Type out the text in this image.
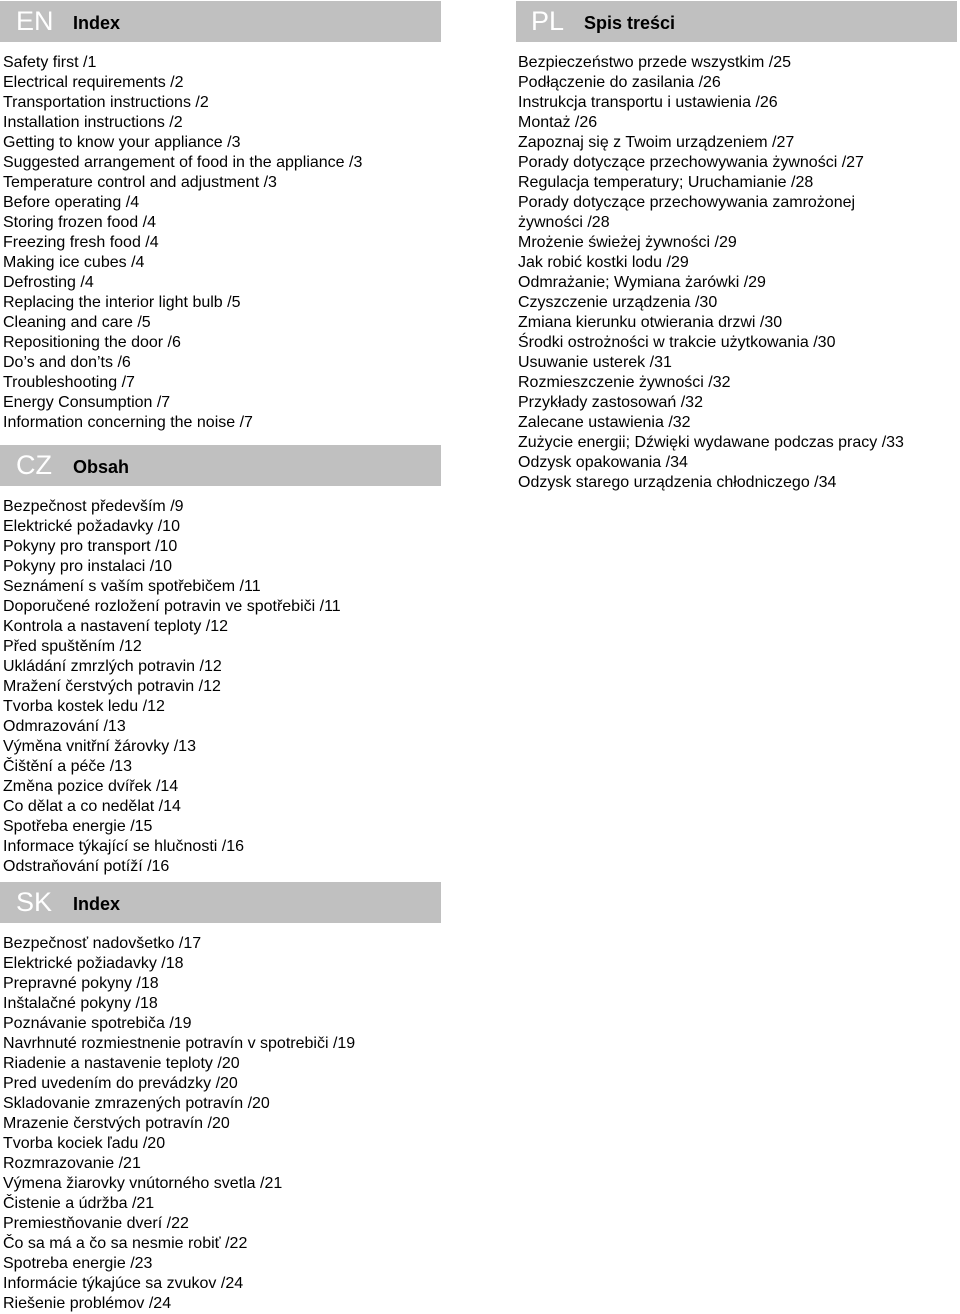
EN	Index
Safety first /1
Electrical requirements /2
Transportation instructions /2
Installation instructions /2
Getting to know your appliance /3
Suggested arrangement of food in the appliance /3
Temperature control and adjustment /3
Before operating /4
Storing frozen food /4
Freezing fresh food /4
Making ice cubes /4
Defrosting /4
Replacing the interior light bulb /5
Cleaning and care /5
Repositioning the door /6
Do’s and don’ts /6
Troubleshooting /7
Energy Consumption /7
Information concerning the noise /7
CZ	Obsah
Bezpečnost především /9
Elektrické požadavky /10
Pokyny pro transport /10
Pokyny pro instalaci /10
Seznámení s vaším spotřebičem /11
Doporučené rozložení potravin ve spotřebiči /11
Kontrola a nastavení teploty /12
Před spuštěním /12
Ukládání zmrzlých potravin /12
Mražení čerstvých potravin /12
Tvorba kostek ledu /12
Odmrazování /13
Výměna vnitřní žárovky /13
Čištění a péče /13
Změna pozice dvířek /14
Co dělat a co nedělat /14
Spotřeba energie /15
Informace týkající se hlučnosti /16
Odstraňování potíží /16
SK	Index
Bezpečnosť nadovšetko /17
Elektrické požiadavky /18
Prepravné pokyny /18
Inštalačné pokyny /18
Poznávanie spotrebiča /19
Navrhnuté rozmiestnenie potravín v spotrebiči /19
Riadenie a nastavenie teploty /20
Pred uvedením do prevádzky /20
Skladovanie zmrazených potravín /20
Mrazenie čerstvých potravín /20
Tvorba kociek ľadu /20
Rozmrazovanie /21
Výmena žiarovky vnútorného svetla /21
Čistenie a údržba /21
Premiestňovanie dverí /22
Čo sa má a čo sa nesmie robiť /22
Spotreba energie /23
Informácie týkajúce sa zvukov /24
Riešenie problémov /24
PL	Spis treści
Bezpieczeństwo przede wszystkim /25
Podłączenie do zasilania /26
Instrukcja transportu i ustawienia /26
Montaż /26
Zapoznaj się z Twoim urządzeniem /27
Porady dotyczące przechowywania żywności /27
Regulacja temperatury; Uruchamianie /28
Porady dotyczące przechowywania zamrożonej żywności /28
Mrożenie świeżej żywności /29
Jak robić kostki lodu /29
Odmrażanie; Wymiana żarówki /29
Czyszczenie urządzenia /30
Zmiana kierunku otwierania drzwi /30
Środki ostrożności w trakcie użytkowania /30
Usuwanie usterek /31
Rozmieszczenie żywności /32
Przykłady zastosowań /32
Zalecane ustawienia /32
Zużycie energii; Dźwięki wydawane podczas pracy /33
Odzysk opakowania /34
Odzysk starego urządzenia chłodniczego /34
